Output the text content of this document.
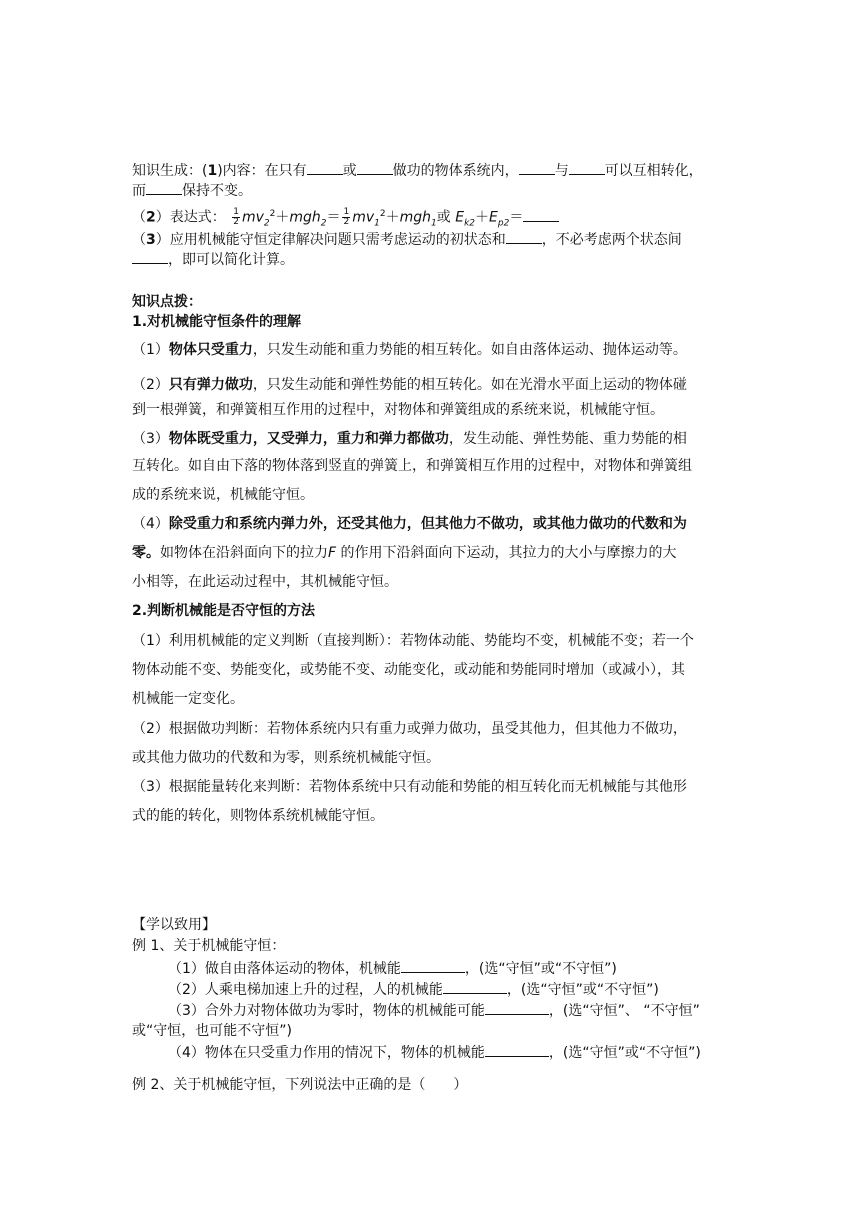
知识生成：(1)内容：在只有	或	做功的物体系统内，	与	可以互相转化，
而	保持不变。
（2）表达式： $\frac{1}{2} mv_2^2+mgh_2= \frac{1}{2} mv_1^2+mgh_1$或 $E_{k2}+E_{p2}=$
（3）应用机械能守恒定律解决问题只需考虑运动的初状态和	，不必考虑两个状态间
，即可以简化计算。
知识点拨：
1.对机械能守恒条件的理解
（1）物体只受重力，只发生动能和重力势能的相互转化。如自由落体运动、抛体运动等。
（2）只有弹力做功，只发生动能和弹性势能的相互转化。如在光滑水平面上运动的物体碰
到一根弹簧，和弹簧相互作用的过程中，对物体和弹簧组成的系统来说，机械能守恒。
（3）物体既受重力，又受弹力，重力和弹力都做功，发生动能、弹性势能、重力势能的相
互转化。如自由下落的物体落到竖直的弹簧上，和弹簧相互作用的过程中，对物体和弹簧组
成的系统来说，机械能守恒。
（4）除受重力和系统内弹力外，还受其他力，但其他力不做功，或其他力做功的代数和为
零。如物体在沿斜面向下的拉力F 的作用下沿斜面向下运动，其拉力的大小与摩擦力的大
小相等，在此运动过程中，其机械能守恒。
2.判断机械能是否守恒的方法
（1）利用机械能的定义判断（直接判断）：若物体动能、势能均不变，机械能不变；若一个
物体动能不变、势能变化，或势能不变、动能变化，或动能和势能同时增加（或减小），其
机械能一定变化。
（2）根据做功判断：若物体系统内只有重力或弹力做功，虽受其他力，但其他力不做功，
或其他力做功的代数和为零，则系统机械能守恒。
（3）根据能量转化来判断：若物体系统中只有动能和势能的相互转化而无机械能与其他形
式的能的转化，则物体系统机械能守恒。
【学以致用】
例 1、关于机械能守恒：
（1）做自由落体运动的物体，机械能	，(选“守恒”或“不守恒”)
（2）人乘电梯加速上升的过程，人的机械能	，(选“守恒”或“不守恒”)
（3）合外力对物体做功为零时，物体的机械能可能	，(选“守恒”、 “不守恒”
或“守恒，也可能不守恒”)
（4）物体在只受重力作用的情况下，物体的机械能	，(选“守恒”或“不守恒”)
例 2、关于机械能守恒，下列说法中正确的是（　　）
